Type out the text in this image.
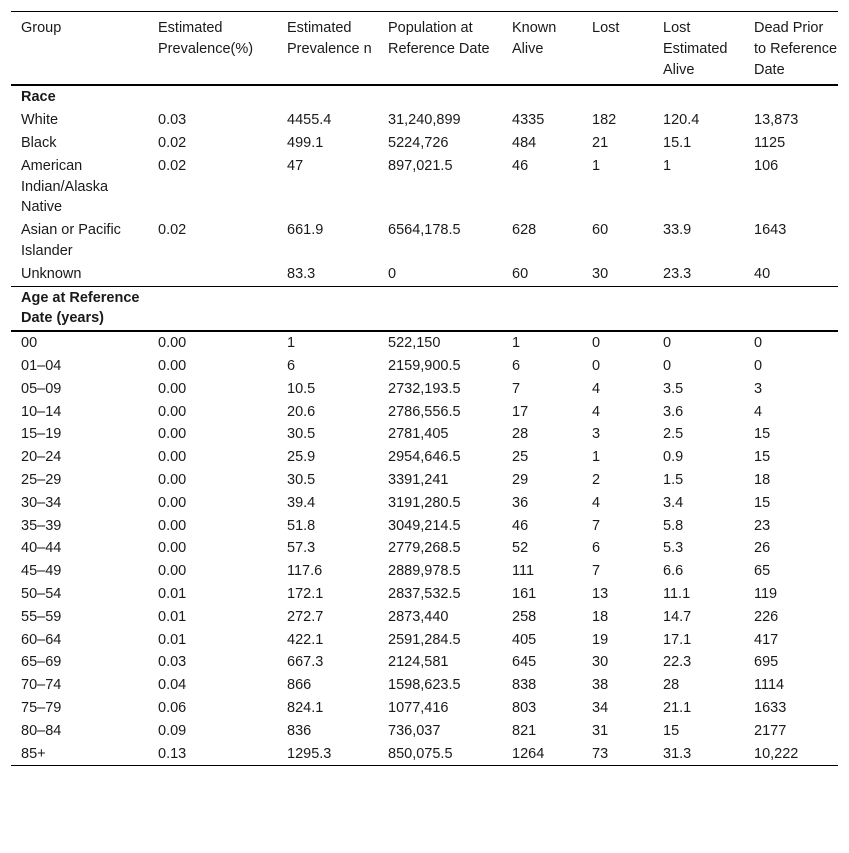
Group	Estimated Prevalence(%)	Estimated Prevalence n	Population at Reference Date	Known Alive	Lost	Lost Estimated Alive	Dead Prior to Reference Date
Race							
White	0.03	4455.4	31,240,899	4335	182	120.4	13,873
Black	0.02	499.1	5224,726	484	21	15.1	1125
American Indian/Alaska Native	0.02	47	897,021.5	46	1	1	106
Asian or Pacific Islander	0.02	661.9	6564,178.5	628	60	33.9	1643
Unknown		83.3	0	60	30	23.3	40
Age at Reference Date (years)							
00	0.00	1	522,150	1	0	0	0
01–04	0.00	6	2159,900.5	6	0	0	0
05–09	0.00	10.5	2732,193.5	7	4	3.5	3
10–14	0.00	20.6	2786,556.5	17	4	3.6	4
15–19	0.00	30.5	2781,405	28	3	2.5	15
20–24	0.00	25.9	2954,646.5	25	1	0.9	15
25–29	0.00	30.5	3391,241	29	2	1.5	18
30–34	0.00	39.4	3191,280.5	36	4	3.4	15
35–39	0.00	51.8	3049,214.5	46	7	5.8	23
40–44	0.00	57.3	2779,268.5	52	6	5.3	26
45–49	0.00	117.6	2889,978.5	111	7	6.6	65
50–54	0.01	172.1	2837,532.5	161	13	11.1	119
55–59	0.01	272.7	2873,440	258	18	14.7	226
60–64	0.01	422.1	2591,284.5	405	19	17.1	417
65–69	0.03	667.3	2124,581	645	30	22.3	695
70–74	0.04	866	1598,623.5	838	38	28	1114
75–79	0.06	824.1	1077,416	803	34	21.1	1633
80–84	0.09	836	736,037	821	31	15	2177
85+	0.13	1295.3	850,075.5	1264	73	31.3	10,222
